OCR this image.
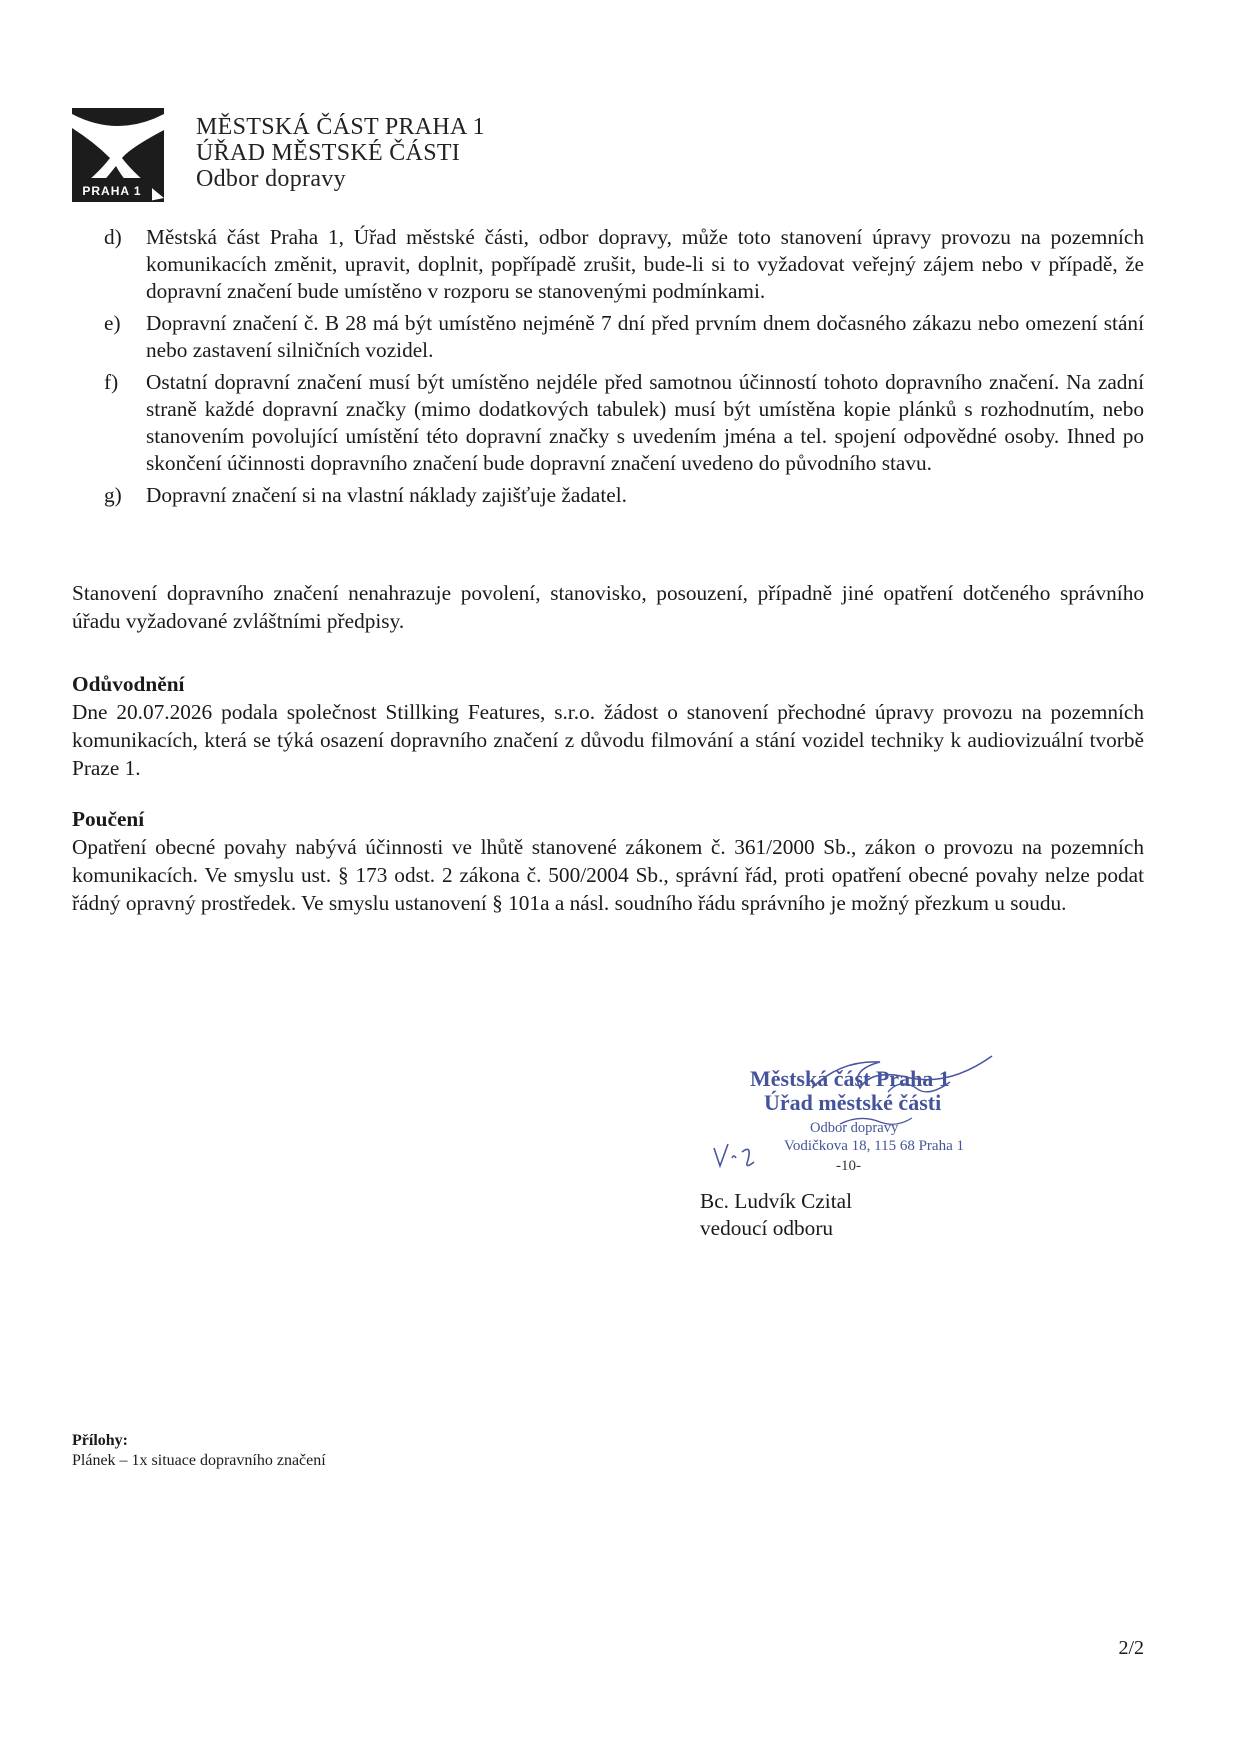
PRAHA 1
MĚSTSKÁ ČÁST PRAHA 1
ÚŘAD MĚSTSKÉ ČÁSTI
Odbor dopravy
d) Městská část Praha 1, Úřad městské části, odbor dopravy, může toto stanovení úpravy provozu na pozemních komunikacích změnit, upravit, doplnit, popřípadě zrušit, bude-li si to vyžadovat veřejný zájem nebo v případě, že dopravní značení bude umístěno v rozporu se stanovenými podmínkami.
e) Dopravní značení č. B 28 má být umístěno nejméně 7 dní před prvním dnem dočasného zákazu nebo omezení stání nebo zastavení silničních vozidel.
f) Ostatní dopravní značení musí být umístěno nejdéle před samotnou účinností tohoto dopravního značení. Na zadní straně každé dopravní značky (mimo dodatkových tabulek) musí být umístěna kopie plánků s rozhodnutím, nebo stanovením povolující umístění této dopravní značky s uvedením jména a tel. spojení odpovědné osoby. Ihned po skončení účinnosti dopravního značení bude dopravní značení uvedeno do původního stavu.
g) Dopravní značení si na vlastní náklady zajišťuje žadatel.
Stanovení dopravního značení nenahrazuje povolení, stanovisko, posouzení, případně jiné opatření dotčeného správního úřadu vyžadované zvláštními předpisy.
Odůvodnění
Dne 20.07.2026 podala společnost Stillking Features, s.r.o. žádost o stanovení přechodné úpravy provozu na pozemních komunikacích, která se týká osazení dopravního značení z důvodu filmování a stání vozidel techniky k audiovizuální tvorbě Praze 1.
Poučení
Opatření obecné povahy nabývá účinnosti ve lhůtě stanovené zákonem č. 361/2000 Sb., zákon o provozu na pozemních komunikacích. Ve smyslu ust. § 173 odst. 2 zákona č. 500/2004 Sb., správní řád, proti opatření obecné povahy nelze podat řádný opravný prostředek. Ve smyslu ustanovení § 101a a násl. soudního řádu správního je možný přezkum u soudu.
Městská část Praha 1
Úřad městské části
Odbor dopravy
Vodičkova 18, 115 68 Praha 1
-10-
Bc. Ludvík Czital
vedoucí odboru
Přílohy:
Plánek – 1x situace dopravního značení
2/2
